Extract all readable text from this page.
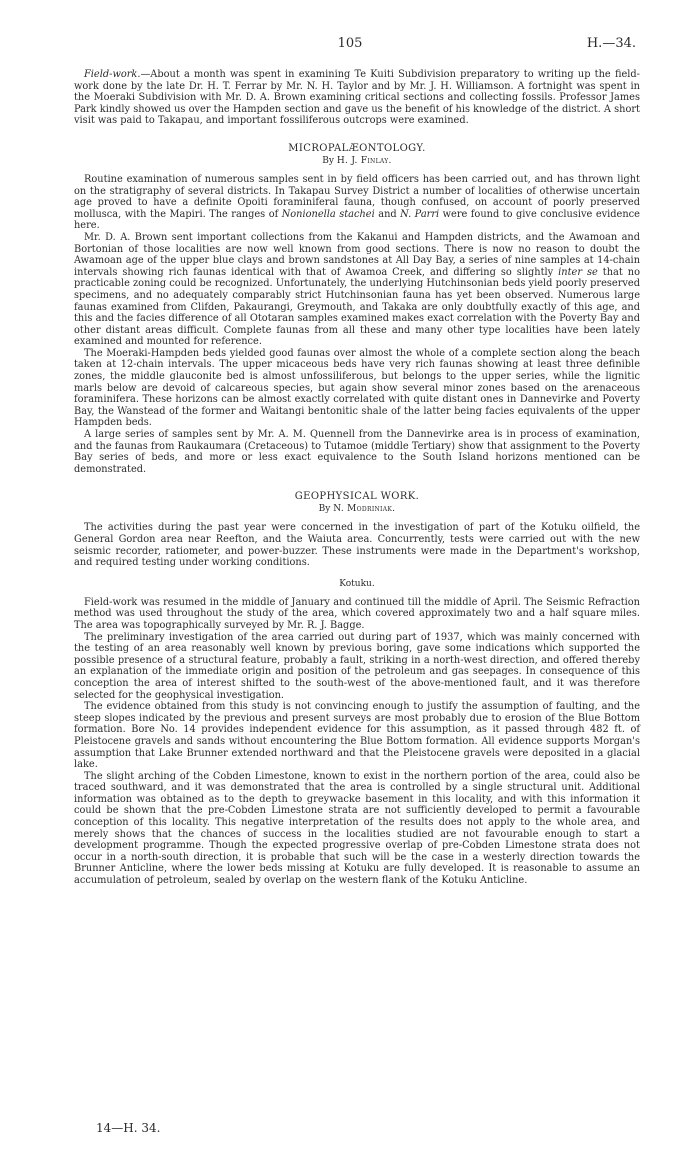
105	H.—34.

Field-work.—About a month was spent in examining Te Kuiti Subdivision preparatory to writing up the field-work done by the late Dr. H. T. Ferrar by Mr. N. H. Taylor and by Mr. J. H. Williamson. A fortnight was spent in the Moeraki Subdivision with Mr. D. A. Brown examining critical sections and collecting fossils. Professor James Park kindly showed us over the Hampden section and gave us the benefit of his knowledge of the district. A short visit was paid to Takapau, and important fossiliferous outcrops were examined.

MICROPALÆONTOLOGY.
By H. J. Finlay.

Routine examination of numerous samples sent in by field officers has been carried out, and has thrown light on the stratigraphy of several districts. In Takapau Survey District a number of localities of otherwise uncertain age proved to have a definite Opoiti foraminiferal fauna, though confused, on account of poorly preserved mollusca, with the Mapiri. The ranges of Nonionella stachei and N. Parri were found to give conclusive evidence here.

Mr. D. A. Brown sent important collections from the Kakanui and Hampden districts, and the Awamoan and Bortonian of those localities are now well known from good sections. There is now no reason to doubt the Awamoan age of the upper blue clays and brown sandstones at All Day Bay, a series of nine samples at 14-chain intervals showing rich faunas identical with that of Awamoa Creek, and differing so slightly inter se that no practicable zoning could be recognized. Unfortunately, the underlying Hutchinsonian beds yield poorly preserved specimens, and no adequately comparably strict Hutchinsonian fauna has yet been observed. Numerous large faunas examined from Clifden, Pakaurangi, Greymouth, and Takaka are only doubtfully exactly of this age, and this and the facies difference of all Ototaran samples examined makes exact correlation with the Poverty Bay and other distant areas difficult. Complete faunas from all these and many other type localities have been lately examined and mounted for reference.

The Moeraki-Hampden beds yielded good faunas over almost the whole of a complete section along the beach taken at 12-chain intervals. The upper micaceous beds have very rich faunas showing at least three definible zones, the middle glauconite bed is almost unfossiliferous, but belongs to the upper series, while the lignitic marls below are devoid of calcareous species, but again show several minor zones based on the arenaceous foraminifera. These horizons can be almost exactly correlated with quite distant ones in Dannevirke and Poverty Bay, the Wanstead of the former and Waitangi bentonitic shale of the latter being facies equivalents of the upper Hampden beds.

A large series of samples sent by Mr. A. M. Quennell from the Dannevirke area is in process of examination, and the faunas from Raukaumara (Cretaceous) to Tutamoe (middle Tertiary) show that assignment to the Poverty Bay series of beds, and more or less exact equivalence to the South Island horizons mentioned can be demonstrated.

GEOPHYSICAL WORK.
By N. Modriniak.

The activities during the past year were concerned in the investigation of part of the Kotuku oilfield, the General Gordon area near Reefton, and the Waiuta area. Concurrently, tests were carried out with the new seismic recorder, ratiometer, and power-buzzer. These instruments were made in the Department's workshop, and required testing under working conditions.

Kotuku.

Field-work was resumed in the middle of January and continued till the middle of April. The Seismic Refraction method was used throughout the study of the area, which covered approximately two and a half square miles. The area was topographically surveyed by Mr. R. J. Bagge.

The preliminary investigation of the area carried out during part of 1937, which was mainly concerned with the testing of an area reasonably well known by previous boring, gave some indications which supported the possible presence of a structural feature, probably a fault, striking in a north-west direction, and offered thereby an explanation of the immediate origin and position of the petroleum and gas seepages. In consequence of this conception the area of interest shifted to the south-west of the above-mentioned fault, and it was therefore selected for the geophysical investigation.

The evidence obtained from this study is not convincing enough to justify the assumption of faulting, and the steep slopes indicated by the previous and present surveys are most probably due to erosion of the Blue Bottom formation. Bore No. 14 provides independent evidence for this assumption, as it passed through 482 ft. of Pleistocene gravels and sands without encountering the Blue Bottom formation. All evidence supports Morgan's assumption that Lake Brunner extended northward and that the Pleistocene gravels were deposited in a glacial lake.

The slight arching of the Cobden Limestone, known to exist in the northern portion of the area, could also be traced southward, and it was demonstrated that the area is controlled by a single structural unit. Additional information was obtained as to the depth to greywacke basement in this locality, and with this information it could be shown that the pre-Cobden Limestone strata are not sufficiently developed to permit a favourable conception of this locality. This negative interpretation of the results does not apply to the whole area, and merely shows that the chances of success in the localities studied are not favourable enough to start a development programme. Though the expected progressive overlap of pre-Cobden Limestone strata does not occur in a north-south direction, it is probable that such will be the case in a westerly direction towards the Brunner Anticline, where the lower beds missing at Kotuku are fully developed. It is reasonable to assume an accumulation of petroleum, sealed by overlap on the western flank of the Kotuku Anticline.

14—H. 34.
